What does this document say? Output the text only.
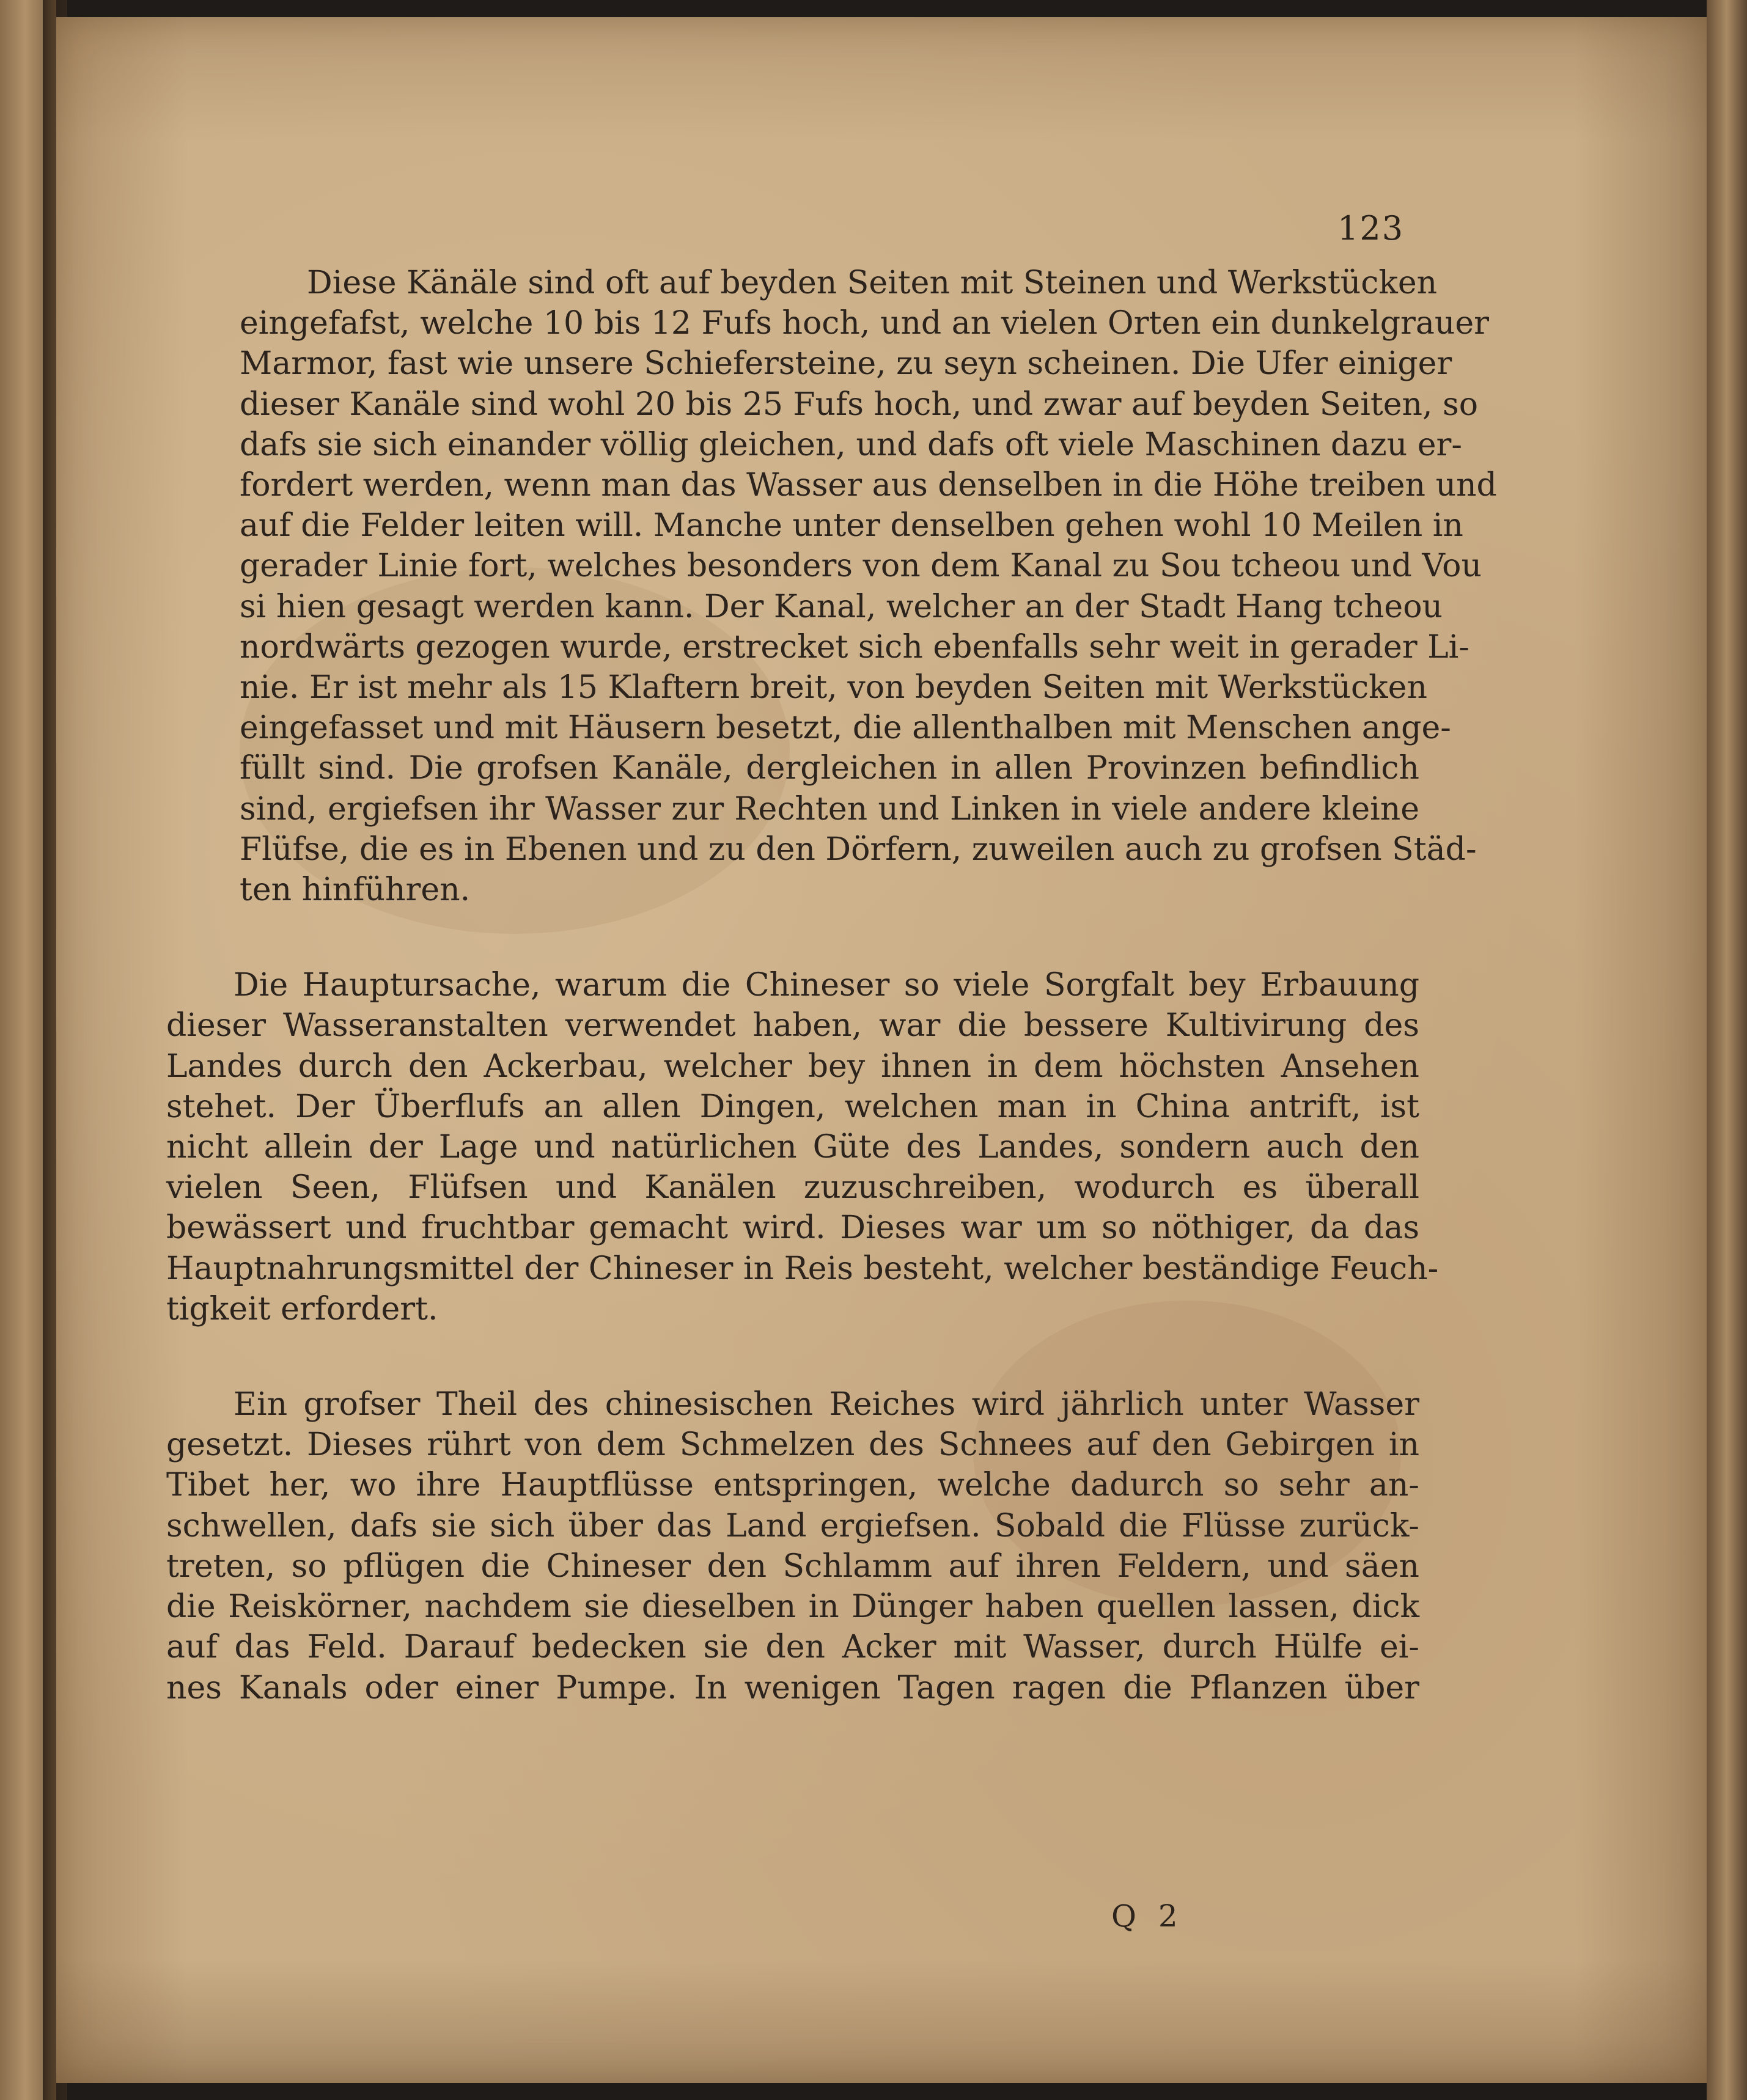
123
Diese Känäle sind oft auf beyden Seiten mit Steinen und Werkstücken
eingefafst, welche 10 bis 12 Fufs hoch, und an vielen Orten ein dunkelgrauer
Marmor, fast wie unsere Schiefersteine, zu seyn scheinen. Die Ufer einiger
dieser Kanäle sind wohl 20 bis 25 Fufs hoch, und zwar auf beyden Seiten, so
dafs sie sich einander völlig gleichen, und dafs oft viele Maschinen dazu er-
fordert werden, wenn man das Wasser aus denselben in die Höhe treiben und
auf die Felder leiten will. Manche unter denselben gehen wohl 10 Meilen in
gerader Linie fort, welches besonders von dem Kanal zu Sou tcheou und Vou
si hien gesagt werden kann. Der Kanal, welcher an der Stadt Hang tcheou
nordwärts gezogen wurde, erstrecket sich ebenfalls sehr weit in gerader Li-
nie. Er ist mehr als 15 Klaftern breit, von beyden Seiten mit Werkstücken
eingefasset und mit Häusern besetzt, die allenthalben mit Menschen ange-
füllt sind. Die grofsen Kanäle, dergleichen in allen Provinzen befindlich
sind, ergiefsen ihr Wasser zur Rechten und Linken in viele andere kleine
Flüfse, die es in Ebenen und zu den Dörfern, zuweilen auch zu grofsen Städ-
ten hinführen.
Die Hauptursache, warum die Chineser so viele Sorgfalt bey Erbauung
dieser Wasseranstalten verwendet haben, war die bessere Kultivirung des
Landes durch den Ackerbau, welcher bey ihnen in dem höchsten Ansehen
stehet. Der Überflufs an allen Dingen, welchen man in China antrift, ist
nicht allein der Lage und natürlichen Güte des Landes, sondern auch den
vielen Seen, Flüfsen und Kanälen zuzuschreiben, wodurch es überall
bewässert und fruchtbar gemacht wird. Dieses war um so nöthiger, da das
Hauptnahrungsmittel der Chineser in Reis besteht, welcher beständige Feuch-
tigkeit erfordert.
Ein grofser Theil des chinesischen Reiches wird jährlich unter Wasser
gesetzt. Dieses rührt von dem Schmelzen des Schnees auf den Gebirgen in
Tibet her, wo ihre Hauptflüsse entspringen, welche dadurch so sehr an-
schwellen, dafs sie sich über das Land ergiefsen. Sobald die Flüsse zurück-
treten, so pflügen die Chineser den Schlamm auf ihren Feldern, und säen
die Reiskörner, nachdem sie dieselben in Dünger haben quellen lassen, dick
auf das Feld. Darauf bedecken sie den Acker mit Wasser, durch Hülfe ei-
nes Kanals oder einer Pumpe. In wenigen Tagen ragen die Pflanzen über
Q 2
